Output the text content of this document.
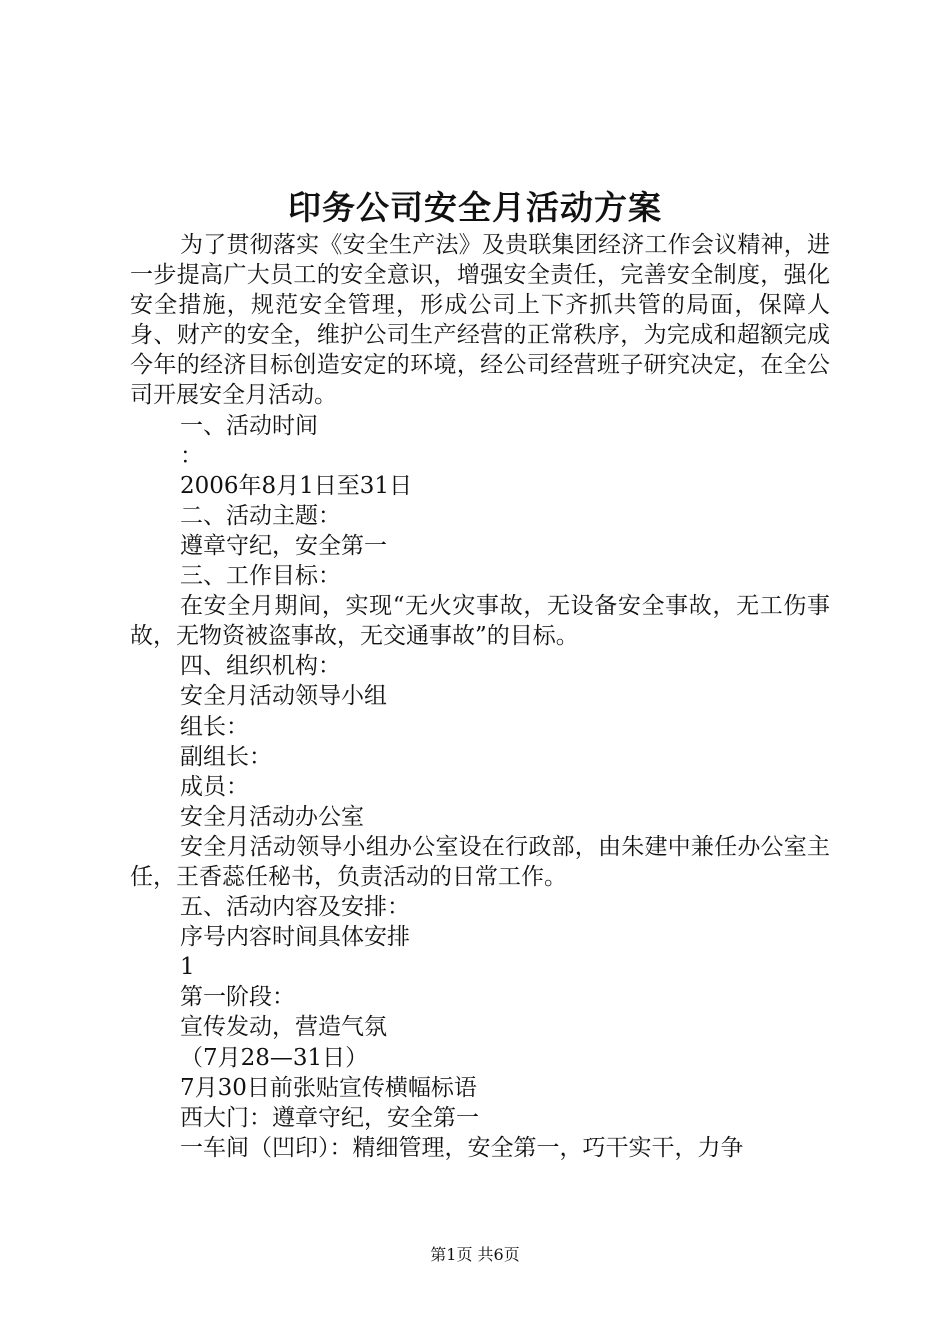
印务公司安全月活动方案

为了贯彻落实《安全生产法》及贵联集团经济工作会议精神，进一步提高广大员工的安全意识，增强安全责任，完善安全制度，强化安全措施，规范安全管理，形成公司上下齐抓共管的局面，保障人身、财产的安全，维护公司生产经营的正常秩序，为完成和超额完成今年的经济目标创造安定的环境，经公司经营班子研究决定，在全公司开展安全月活动。

一、活动时间

：

2006年8月1日至31日

二、活动主题：

遵章守纪，安全第一

三、工作目标：

在安全月期间，实现“无火灾事故，无设备安全事故，无工伤事故，无物资被盗事故，无交通事故”的目标。

四、组织机构：

安全月活动领导小组

组长：

副组长：

成员：

安全月活动办公室

安全月活动领导小组办公室设在行政部，由朱建中兼任办公室主任，王香蕊任秘书，负责活动的日常工作。

五、活动内容及安排：

序号内容时间具体安排

1

第一阶段：

宣传发动，营造气氛

（7月28—31日）

7月30日前张贴宣传横幅标语

西大门：遵章守纪，安全第一

一车间（凹印）：精细管理，安全第一，巧干实干，力争

第1页 共6页
